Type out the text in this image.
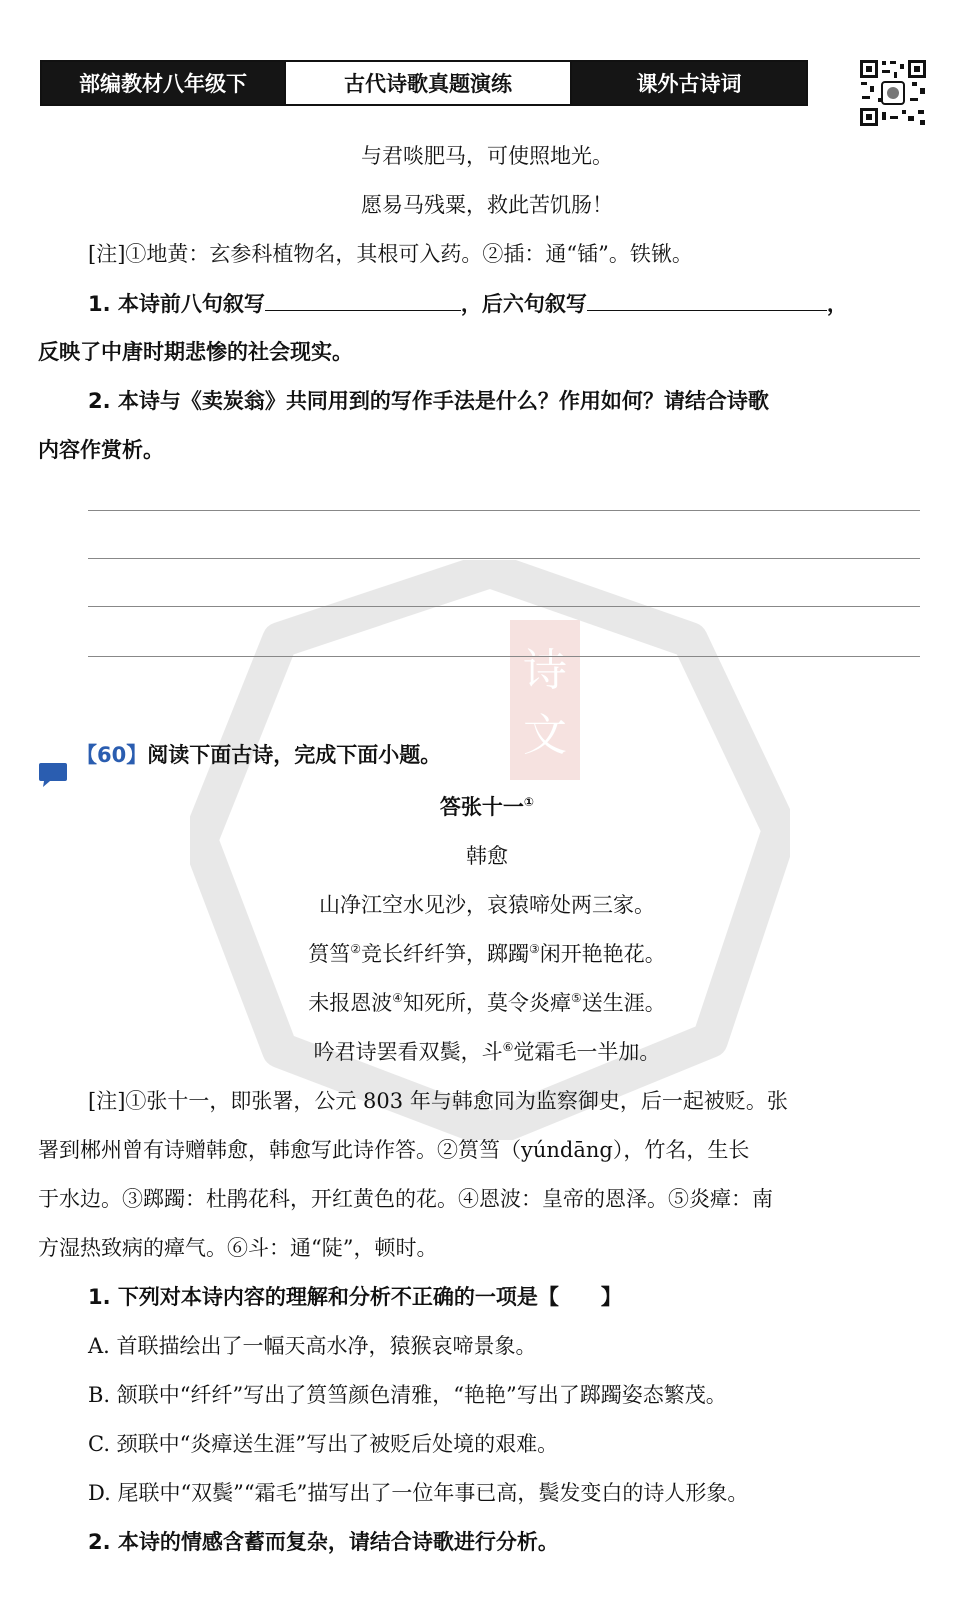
部编教材八年级下	古代诗歌真题演练	课外古诗词
诗
文
与君啖肥马，可使照地光。
愿易马残粟，救此苦饥肠！
[注]①地黄：玄参科植物名，其根可入药。②插：通“锸”。铁锹。
1. 本诗前八句叙写	，后六句叙写	，
反映了中唐时期悲惨的社会现实。
2. 本诗与《卖炭翁》共同用到的写作手法是什么？作用如何？请结合诗歌
内容作赏析。
【60】阅读下面古诗，完成下面小题。
答张十一①
韩愈
山净江空水见沙，哀猿啼处两三家。
筼筜②竞长纤纤笋，踯躅③闲开艳艳花。
未报恩波④知死所，莫令炎瘴⑤送生涯。
吟君诗罢看双鬓，斗⑥觉霜毛一半加。
[注]①张十一，即张署，公元 803 年与韩愈同为监察御史，后一起被贬。张
署到郴州曾有诗赠韩愈，韩愈写此诗作答。②筼筜（yúndāng），竹名，生长
于水边。③踯躅：杜鹃花科，开红黄色的花。④恩波：皇帝的恩泽。⑤炎瘴：南
方湿热致病的瘴气。⑥斗：通“陡”，顿时。
1. 下列对本诗内容的理解和分析不正确的一项是【　　】
A. 首联描绘出了一幅天高水净，猿猴哀啼景象。
B. 颔联中“纤纤”写出了筼筜颜色清雅，“艳艳”写出了踯躅姿态繁茂。
C. 颈联中“炎瘴送生涯”写出了被贬后处境的艰难。
D. 尾联中“双鬓”“霜毛”描写出了一位年事已高，鬓发变白的诗人形象。
2. 本诗的情感含蓄而复杂，请结合诗歌进行分析。
